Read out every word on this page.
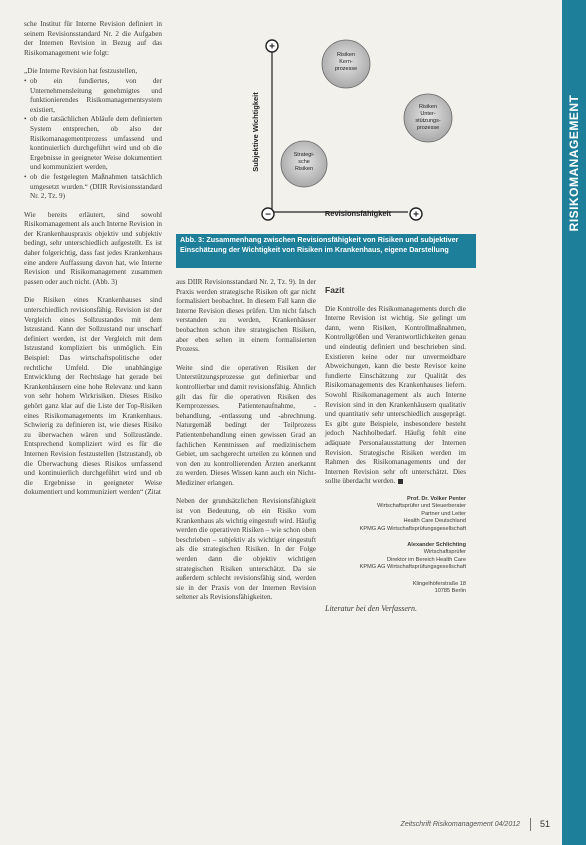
sche Institut für Interne Revision definiert in seinem Revisionsstandard Nr. 2 die Aufgaben der Internen Revision in Bezug auf das Risikomanagement wie folgt:

„Die Interne Revision hat festzustellen,

• ob ein fundiertes, von der Unternehmensleitung genehmigtes und funktionierendes Risikomanagementsystem existiert,
• ob die tatsächlichen Abläufe dem definierten System entsprechen, ob also der Risikomanagementprozess umfassend und kontinuierlich durchgeführt wird und ob die Ergebnisse in geeigneter Weise dokumentiert und kommuniziert werden,
• ob die festgelegten Maßnahmen tatsächlich umgesetzt wurden.“ (DIIR Revisionsstandard Nr. 2, Tz. 9)

Wie bereits erläutert, sind sowohl Risikomanagement als auch Interne Revision in der Krankenhauspraxis objektiv und subjektiv bedingt, sehr unterschiedlich aufgestellt. Es ist daher folgerichtig, dass fast jedes Krankenhaus eine andere Auffassung davon hat, wie Interne Revision und Risikomanagement zusammen passen oder auch nicht. (Abb. 3)

Die Risiken eines Krankenhauses sind unterschiedlich revisionsfähig. Revision ist der Vergleich eines Sollzustandes mit dem Istzustand. Kann der Sollzustand nur unscharf definiert werden, ist der Vergleich mit dem Istzustand kompliziert bis unmöglich. Ein Beispiel: Das wirtschaftspolitische oder rechtliche Umfeld. Die unabhängige Entwicklung der Rechtslage hat gerade bei Krankenhäusern eine hohe Relevanz und kann von sehr hohem Wirkrisiken. Dieses Risiko gehört ganz klar auf die Liste der Top-Risiken eines Risikomanagements im Krankenhaus. Schwierig zu definieren ist, wie dieses Risiko zu überwachen wären und Sollzustände. Entsprechend kompliziert wird es für die Internen Revision festzustellen (Istzustand), ob die Überwachung dieses Risikos umfassend und kontinuierlich durchgeführt wird und ob die Ergebnisse in geeigneter Weise dokumentiert und kommuniziert werden“ (Zitat

+
−	+
Subjektive Wichtigkeit
Revisionsfähigkeit
Risiken
Kern-
prozesse
Risiken
Unter-
stützungs-
prozesse
Strategi-
sche
Risiken
Abb. 3: Zusammenhang zwischen Revisionsfähigkeit von Risiken und subjektiver Einschätzung der Wichtigkeit von Risiken im Krankenhaus, eigene Darstellung

aus DIIR Revisionsstandard Nr. 2, Tz. 9). In der Praxis werden strategische Risiken oft gar nicht formalisiert beobachtet. In diesem Fall kann die Interne Revision dieses prüfen. Um nicht falsch verstanden zu werden, Krankenhäuser beobachten schon ihre strategischen Risiken, aber eben selten in einem formalisierten Prozess.

Weite sind die operativen Risiken der Unterstützungsprozesse gut definierbar und kontrollierbar und damit revisionsfähig. Ähnlich gilt das für die operativen Risiken des Kernprozesses. Patientenaufnahme, -behandlung, -entlassung und -abrechnung. Naturgemäß bedingt der Teilprozess Patientenbehandlung einen gewissen Grad an fachlichen Kenntnissen auf medizinischem Gebiet, um sachgerecht urteilen zu können und von den zu kontrollierenden Ärzten anerkannt zu werden. Dieses Wissen kann auch ein Nicht-Mediziner erlangen.

Neben der grundsätzlichen Revisionsfähigkeit ist von Bedeutung, ob ein Risiko vom Krankenhaus als wichtig eingestuft wird. Häufig werden die operativen Risiken – wie schon oben beschrieben – subjektiv als wichtiger eingestuft als die strategischen Risiken. In der Folge werden dann die objektiv wichtigen strategischen Risiken unterschätzt. Da sie außerdem schlecht revisionsfähig sind, werden sie in der Praxis von der Internen Revision seltener als Revisionsfähigkeiten.

Fazit

Die Kontrolle des Risikomanagements durch die Interne Revision ist wichtig. Sie gelingt um dann, wenn Risiken, Kontrollmaßnahmen, Kontrollgrößen und Verantwortlichkeiten genau und eindeutig definiert und beschrieben sind. Existieren keine oder nur unvermeidbare Abweichungen, kann die beste Revisor keine fundierte Einschätzung zur Qualität des Risikomanagements des Krankenhauses liefern. Sowohl Risikomanagement als auch Interne Revision sind in den Krankenhäusern qualitativ und quantitativ sehr unterschiedlich ausgeprägt. Es gibt gute Beispiele, insbesondere besteht jedoch Nachholbedarf. Häufig fehlt eine adäquate Personalausstattung der Internen Revision. Strategische Risiken werden im Rahmen des Risikomanagements und der Internen Revision sehr oft unterschätzt. Dies sollte überdacht werden.

Prof. Dr. Volker Penter
Wirtschaftsprüfer und Steuerberater
Partner und Leiter
Health Care Deutschland
KPMG AG Wirtschaftsprüfungsgesellschaft
Alexander Schlichting
Wirtschaftsprüfer
Direktor im Bereich Health Care
KPMG AG Wirtschaftsprüfungsgesellschaft
Klingelhöferstraße 18
10785 Berlin
Literatur bei den Verfassern.
RISIKOMANAGEMENT
Zeitschrift Risikomanagement 04/2012 51
